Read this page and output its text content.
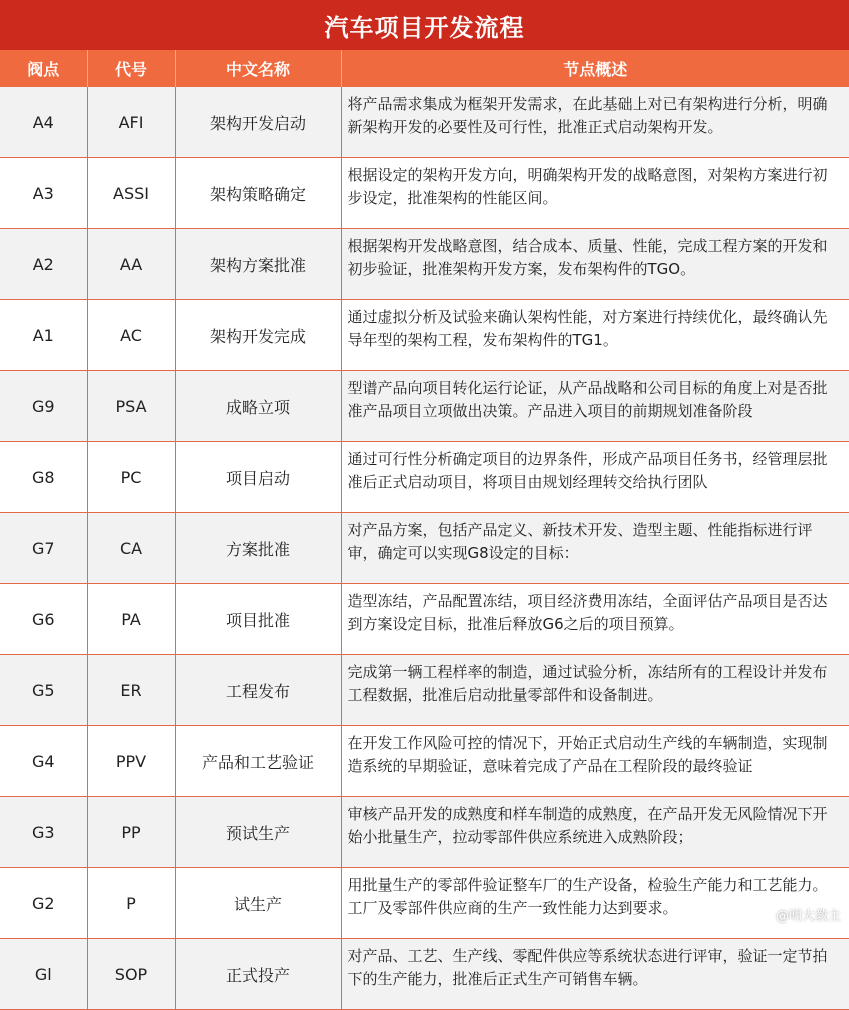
汽车项目开发流程
阀点	代号	中文名称	节点概述
A4	AFI	架构开发启动	将产品需求集成为框架开发需求，在此基础上对已有架构进行分析，明确新架构开发的必要性及可行性，批准正式启动架构开发。

A3	ASSI	架构策略确定	根据设定的架构开发方向，明确架构开发的战略意图，对架构方案进行初步设定，批准架构的性能区间。

A2	AA	架构方案批准	根据架构开发战略意图，结合成本、质量、性能，完成工程方案的开发和初步验证，批准架构开发方案，发布架构件的TGO。

A1	AC	架构开发完成	通过虚拟分析及试验来确认架构性能，对方案进行持续优化，最终确认先导年型的架构工程，发布架构件的TG1。

G9	PSA	成略立项	型谱产品向项目转化运行论证，从产品战略和公司目标的角度上对是否批准产品项目立项做出决策。产品进入项目的前期规划准备阶段

G8	PC	项目启动	通过可行性分析确定项目的边界条件，形成产品项目任务书，经管理层批准后正式启动项目，将项目由规划经理转交给执行团队

G7	CA	方案批准	对产品方案，包括产品定义、新技术开发、造型主题、性能指标进行评审，确定可以实现G8设定的目标：

G6	PA	项目批准	造型冻结，产品配置冻结，项目经济费用冻结，全面评估产品项目是否达到方案设定目标，批准后释放G6之后的项目预算。

G5	ER	工程发布	完成第一辆工程样率的制造，通过试验分析，冻结所有的工程设计并发布工程数据，批准后启动批量零部件和设备制进。

G4	PPV	产品和工艺验证	在开发工作风险可控的情况下，开始正式启动生产线的车辆制造，实现制造系统的早期验证，意味着完成了产品在工程阶段的最终验证

G3	PP	预试生产	审核产品开发的成熟度和样车制造的成熟度，在产品开发无风险情况下开始小批量生产，拉动零部件供应系统进入成熟阶段；

G2	P	试生产	用批量生产的零部件验证整车厂的生产设备，检验生产能力和工艺能力。工厂及零部件供应商的生产一致性能力达到要求。

Gl	SOP	正式投产	对产品、工艺、生产线、零配件供应等系统状态进行评审，验证一定节拍下的生产能力，批准后正式生产可销售车辆。
@明大教主
